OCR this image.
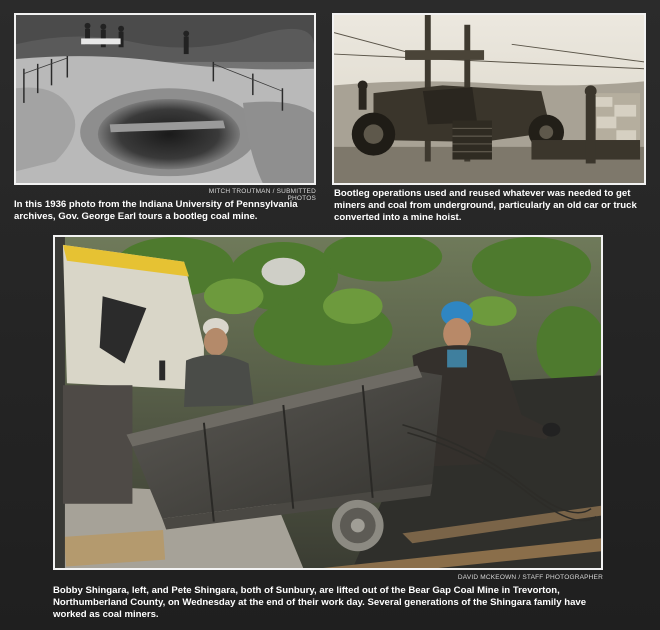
MITCH TROUTMAN / SUBMITTED PHOTOS
In this 1936 photo from the Indiana University of Pennsylvania archives, Gov. George Earl tours a bootleg coal mine.
Bootleg operations used and reused whatever was needed to get miners and coal from underground, particularly an old car or truck converted into a mine hoist.
DAVID MCKEOWN / STAFF PHOTOGRAPHER
Bobby Shingara, left, and Pete Shingara, both of Sunbury, are lifted out of the Bear Gap Coal Mine in Trevorton, Northumberland County, on Wednesday at the end of their work day. Several generations of the Shingara family have worked as coal miners.
